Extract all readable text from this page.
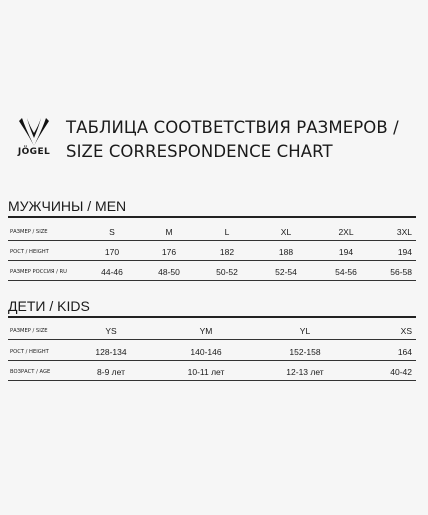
JÖGEL
ТАБЛИЦА СООТВЕТСТВИЯ РАЗМЕРОВ /
SIZE CORRESPONDENCE CHART
МУЖЧИНЫ / MEN
РАЗМЕР / SIZE	S	M	L	XL	2XL	3XL
РОСТ / HEIGHT	170	176	182	188	194	194
РАЗМЕР РОССИЯ / RU	44-46	48-50	50-52	52-54	54-56	56-58
ДЕТИ / KIDS
РАЗМЕР / SIZE	YS	YM	YL	XS
РОСТ / HEIGHT	128-134	140-146	152-158	164
ВОЗРАСТ / AGE	8-9 лет	10-11 лет	12-13 лет	40-42
